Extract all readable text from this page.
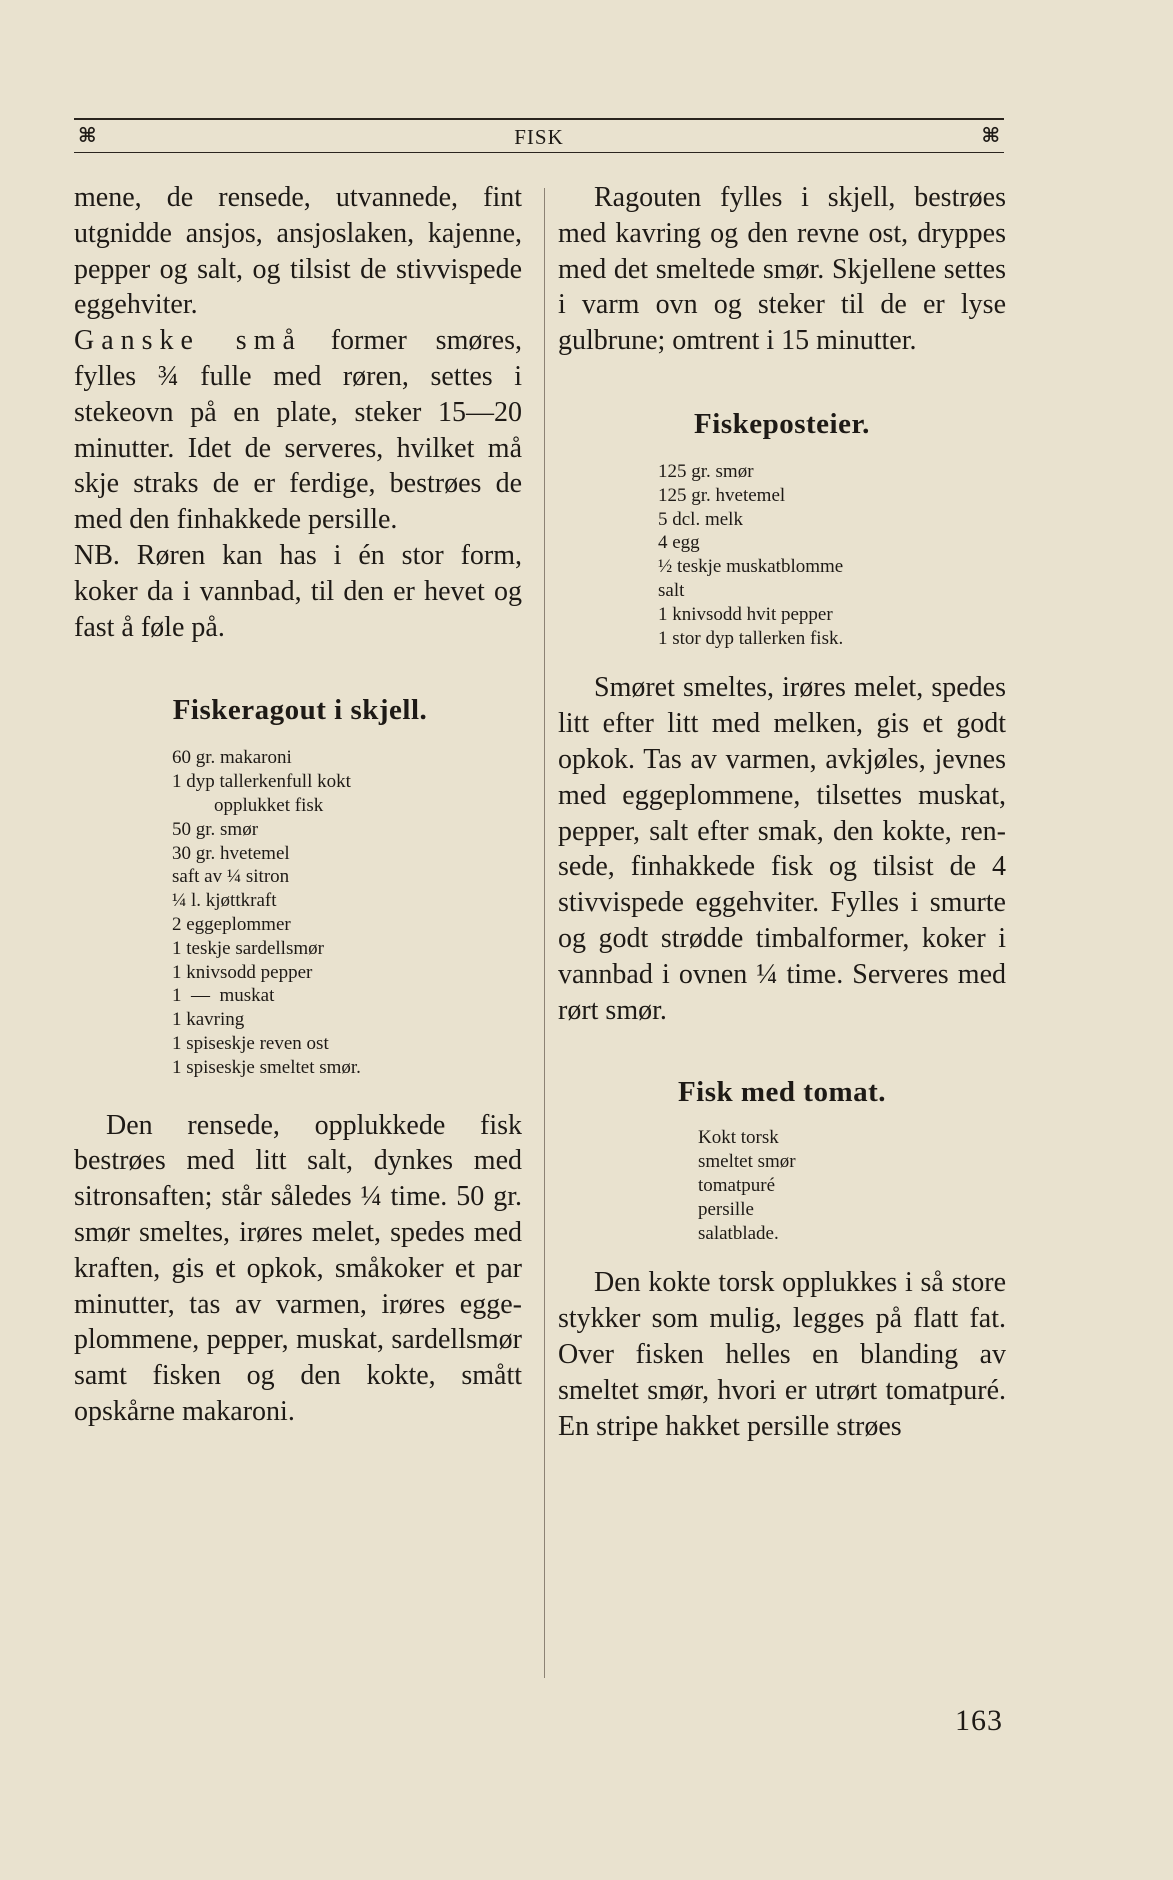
⌘	FISK	⌘

mene, de rensede, utvannede, fint utgnidde ansjos, ansjoslaken, kajenne, pepper og salt, og tilsist de stivvispede eggehviter.

Ganske små former smøres, fylles ¾ fulle med røren, settes i stekeovn på en plate, steker 15—20 minutter. Idet de serveres, hvilket må skje straks de er ferdige, bestrøes de med den finhakkede persille.

NB. Røren kan has i én stor form, koker da i vannbad, til den er hevet og fast å føle på.

Fiskeragout i skjell.
60 gr. makaroni
1 dyp tallerkenfull kokt
opplukket fisk
50 gr. smør
30 gr. hvetemel
saft av ¼ sitron
¼ l. kjøttkraft
2 eggeplommer
1 teskje sardellsmør
1 knivsodd pepper
1  —  muskat
1 kavring
1 spiseskje reven ost
1 spiseskje smeltet smør.

Den rensede, opplukkede fisk bestrøes med litt salt, dynkes med sitronsaften; står således ¼ time. 50 gr. smør smeltes, irøres melet, spedes med kraften, gis et opkok, småkoker et par minutter, tas av varmen, irøres eggeplommene, pepper, muskat, sardellsmør samt fisken og den kokte, smått opskårne makaroni.

Ragouten fylles i skjell, bestrøes med kavring og den revne ost, dryppes med det smeltede smør. Skjellene settes i varm ovn og steker til de er lyse gulbrune; omtrent i 15 minutter.

Fiskeposteier.
125 gr. smør
125 gr. hvetemel
5 dcl. melk
4 egg
½ teskje muskatblomme
salt
1 knivsodd hvit pepper
1 stor dyp tallerken fisk.

Smøret smeltes, irøres melet, spedes litt efter litt med melken, gis et godt opkok. Tas av varmen, avkjøles, jevnes med eggeplommene, tilsettes muskat, pepper, salt efter smak, den kokte, rensede, finhakkede fisk og tilsist de 4 stivvispede eggehviter. Fylles i smurte og godt strødde timbalformer, koker i vannbad i ovnen ¼ time. Serveres med rørt smør.

Fisk med tomat.
Kokt torsk
smeltet smør
tomatpuré
persille
salatblade.

Den kokte torsk opplukkes i så store stykker som mulig, legges på flatt fat. Over fisken helles en blanding av smeltet smør, hvori er utrørt tomatpuré. En stripe hakket persille strøes

163
